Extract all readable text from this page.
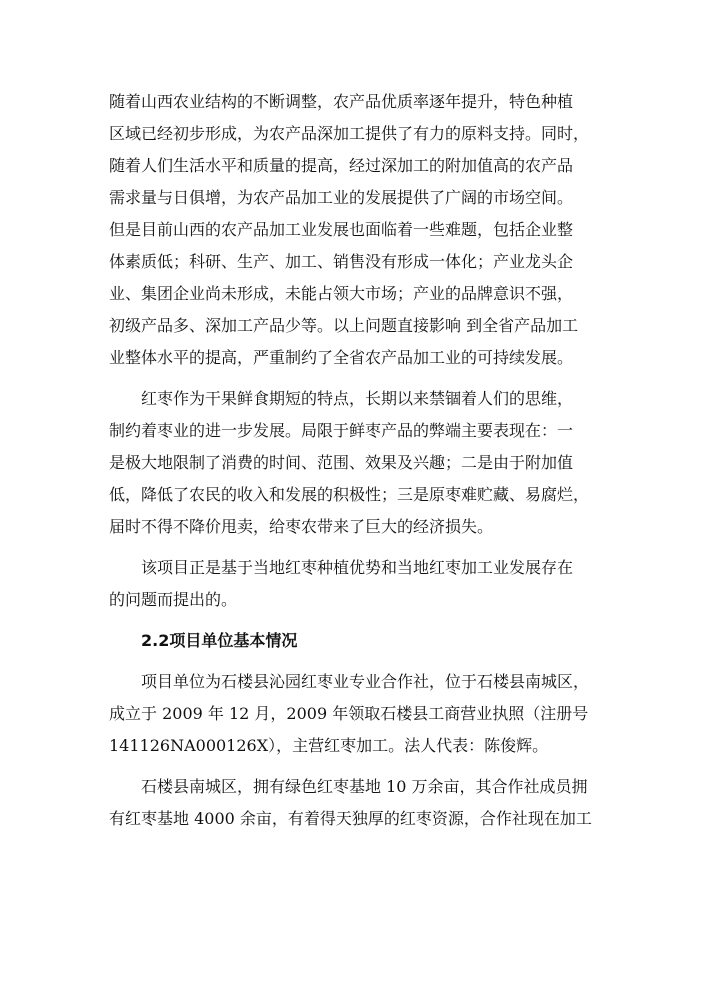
随着山西农业结构的不断调整，农产品优质率逐年提升，特色种植
区域已经初步形成，为农产品深加工提供了有力的原料支持。同时，
随着人们生活水平和质量的提高，经过深加工的附加值高的农产品
需求量与日俱增，为农产品加工业的发展提供了广阔的市场空间。
但是目前山西的农产品加工业发展也面临着一些难题，包括企业整
体素质低；科研、生产、加工、销售没有形成一体化；产业龙头企
业、集团企业尚未形成，未能占领大市场；产业的品牌意识不强，
初级产品多、深加工产品少等。以上问题直接影响 到全省产品加工
业整体水平的提高，严重制约了全省农产品加工业的可持续发展。
红枣作为干果鲜食期短的特点，长期以来禁锢着人们的思维，
制约着枣业的进一步发展。局限于鲜枣产品的弊端主要表现在：一
是极大地限制了消费的时间、范围、效果及兴趣；二是由于附加值
低，降低了农民的收入和发展的积极性；三是原枣难贮藏、易腐烂，
届时不得不降价甩卖，给枣农带来了巨大的经济损失。
该项目正是基于当地红枣种植优势和当地红枣加工业发展存在
的问题而提出的。
2.2项目单位基本情况
项目单位为石楼县沁园红枣业专业合作社，位于石楼县南城区，
成立于 2009 年 12 月，2009 年领取石楼县工商营业执照（注册号
141126NA000126X），主营红枣加工。法人代表：陈俊辉。
石楼县南城区，拥有绿色红枣基地 10 万余亩，其合作社成员拥
有红枣基地 4000 余亩，有着得天独厚的红枣资源，合作社现在加工
